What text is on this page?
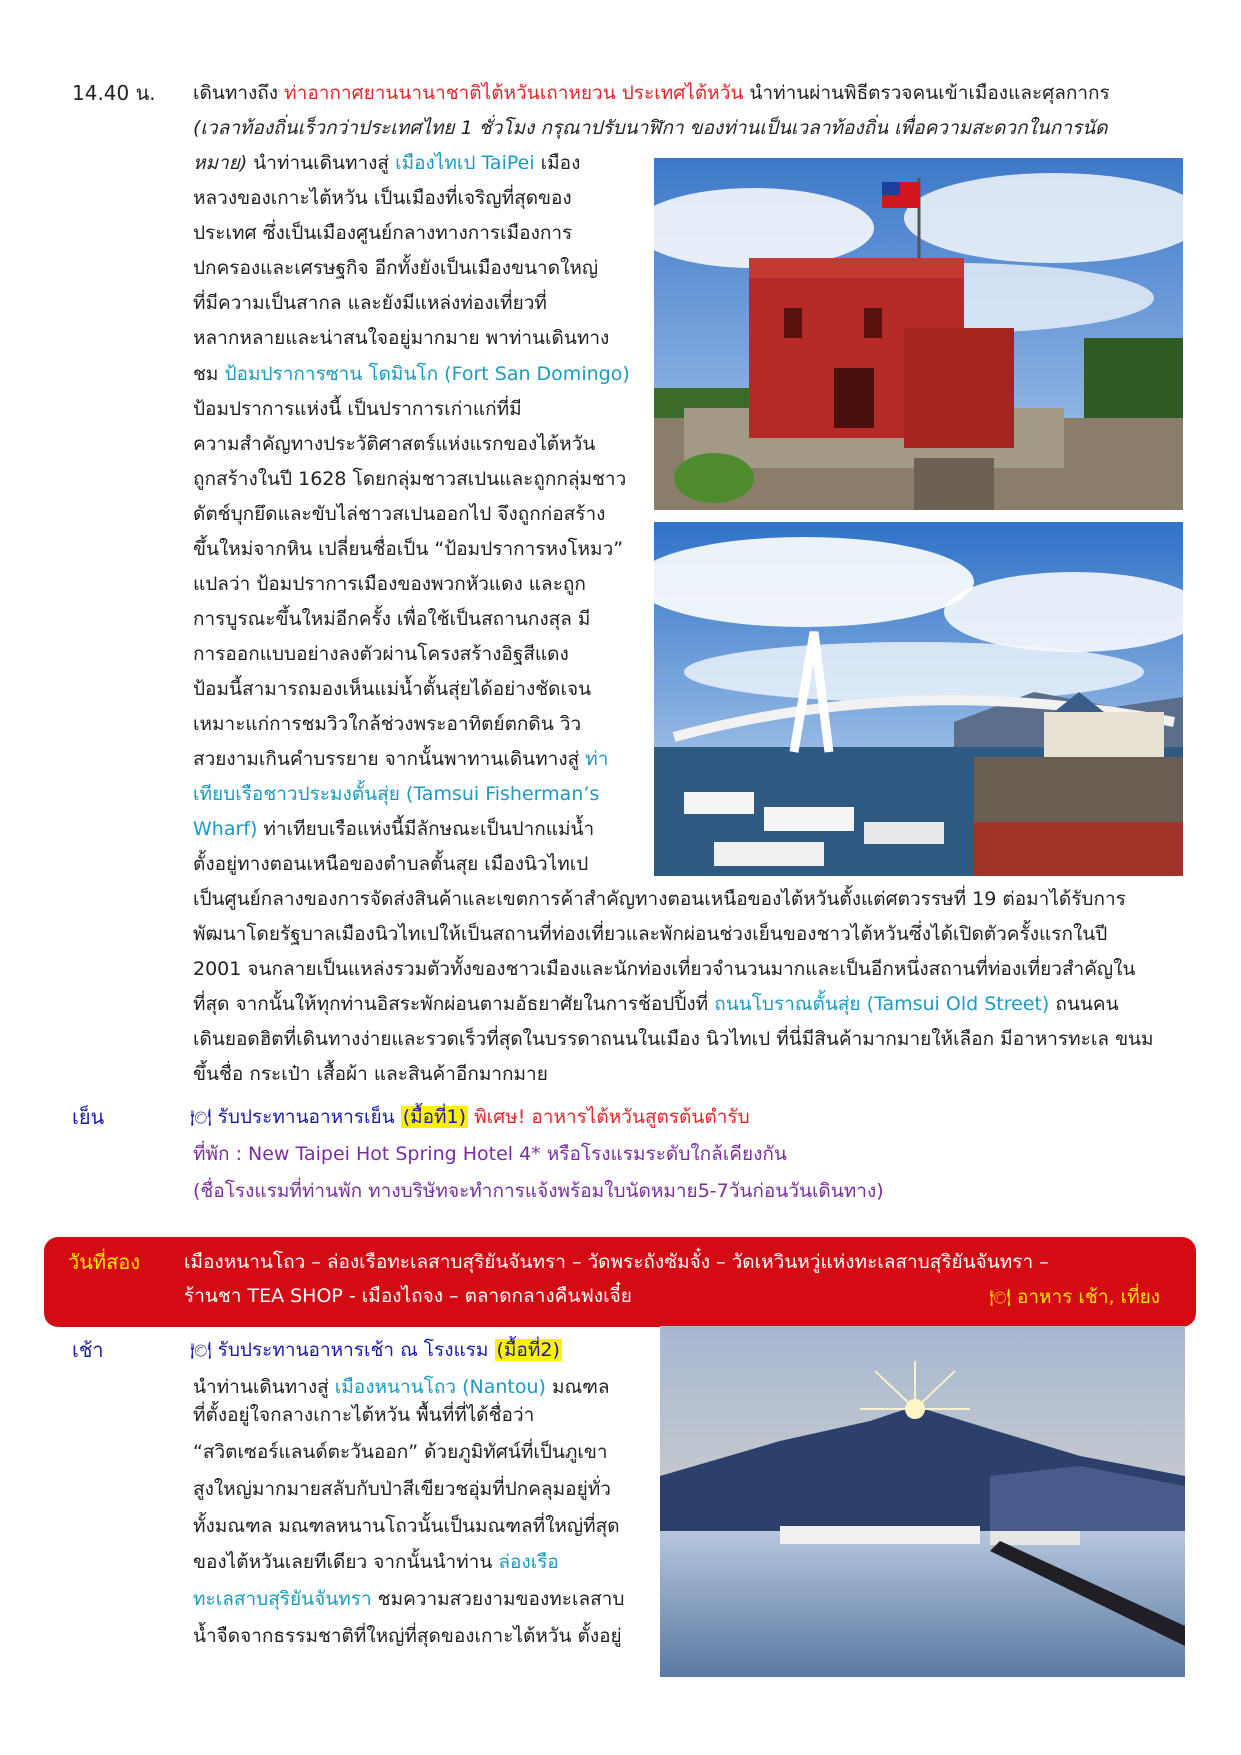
14.40 น. เดินทางถึง ท่าอากาศยานนานาชาติไต้หวันเถาหยวน ประเทศไต้หวัน นำท่านผ่านพิธีตรวจคนเข้าเมืองและศุลกากร
(เวลาท้องถิ่นเร็วกว่าประเทศไทย 1 ชั่วโมง กรุณาปรับนาฬิกา ของท่านเป็นเวลาท้องถิ่น เพื่อความสะดวกในการนัด
หมาย) นำท่านเดินทางสู่ เมืองไทเป TaiPei เมือง
หลวงของเกาะไต้หวัน เป็นเมืองที่เจริญที่สุดของ
ประเทศ ซึ่งเป็นเมืองศูนย์กลางทางการเมืองการ
ปกครองและเศรษฐกิจ อีกทั้งยังเป็นเมืองขนาดใหญ่
ที่มีความเป็นสากล และยังมีแหล่งท่องเที่ยวที่
หลากหลายและน่าสนใจอยู่มากมาย พาท่านเดินทาง
ชม ป้อมปราการซาน โดมินโก (Fort San Domingo)
ป้อมปราการแห่งนี้ เป็นปราการเก่าแก่ที่มี
ความสำคัญทางประวัติศาสตร์แห่งแรกของไต้หวัน
ถูกสร้างในปี 1628 โดยกลุ่มชาวสเปนและถูกกลุ่มชาว
ดัตช์บุกยึดและขับไล่ชาวสเปนออกไป จึงถูกก่อสร้าง
ขึ้นใหม่จากหิน เปลี่ยนชื่อเป็น “ป้อมปราการหงโหมว”
แปลว่า ป้อมปราการเมืองของพวกหัวแดง และถูก
การบูรณะขึ้นใหม่อีกครั้ง เพื่อใช้เป็นสถานกงสุล มี
การออกแบบอย่างลงตัวผ่านโครงสร้างอิฐสีแดง
ป้อมนี้สามารถมองเห็นแม่น้ำตั้นสุ่ยได้อย่างชัดเจน
เหมาะแก่การชมวิวใกล้ช่วงพระอาทิตย์ตกดิน วิว
สวยงามเกินคำบรรยาย จากนั้นพาทานเดินทางสู่ ท่า
เทียบเรือชาวประมงตั้นสุ่ย (Tamsui Fisherman’s
Wharf) ท่าเทียบเรือแห่งนี้มีลักษณะเป็นปากแม่น้ำ
ตั้งอยู่ทางตอนเหนือของตำบลตั้นสุย เมืองนิวไทเป
เป็นศูนย์กลางของการจัดส่งสินค้าและเขตการค้าสำคัญทางตอนเหนือของไต้หวันตั้งแต่ศตวรรษที่ 19 ต่อมาได้รับการ
พัฒนาโดยรัฐบาลเมืองนิวไทเปให้เป็นสถานที่ท่องเที่ยวและพักผ่อนช่วงเย็นของชาวไต้หวันซึ่งได้เปิดตัวครั้งแรกในปี
2001 จนกลายเป็นแหล่งรวมตัวทั้งของชาวเมืองและนักท่องเที่ยวจำนวนมากและเป็นอีกหนึ่งสถานที่ท่องเที่ยวสำคัญใน
ที่สุด จากนั้นให้ทุกท่านอิสระพักผ่อนตามอัธยาศัยในการช้อปปิ้งที่ ถนนโบราณตั้นสุ่ย (Tamsui Old Street) ถนนคน
เดินยอดฮิตที่เดินทางง่ายและรวดเร็วที่สุดในบรรดาถนนในเมือง นิวไทเป ที่นี่มีสินค้ามากมายให้เลือก มีอาหารทะเล ขนม
ขึ้นชื่อ กระเป๋า เสื้อผ้า และสินค้าอีกมากมาย
เย็น	🍽 รับประทานอาหารเย็น (มื้อที่1) พิเศษ! อาหารไต้หวันสูตรต้นตำรับ
ที่พัก : New Taipei Hot Spring Hotel 4* หรือโรงแรมระดับใกล้เคียงกัน
(ชื่อโรงแรมที่ท่านพัก ทางบริษัทจะทำการแจ้งพร้อมใบนัดหมาย5-7วันก่อนวันเดินทาง)
วันที่สอง เมืองหนานโถว – ล่องเรือทะเลสาบสุริยันจันทรา – วัดพระถังซัมจั๋ง – วัดเหวินหวู่แห่งทะเลสาบสุริยันจันทรา –
ร้านชา TEA SHOP - เมืองไถจง – ตลาดกลางคืนฟงเจี๋ย	🍽 อาหาร เช้า, เที่ยง
เช้า	🍽 รับประทานอาหารเช้า ณ โรงแรม (มื้อที่2)
นำท่านเดินทางสู่ เมืองหนานโถว (Nantou) มณฑล
ที่ตั้งอยู่ใจกลางเกาะไต้หวัน พื้นที่ที่ได้ชื่อว่า
“สวิตเซอร์แลนด์ตะวันออก” ด้วยภูมิทัศน์ที่เป็นภูเขา
สูงใหญ่มากมายสลับกับป่าสีเขียวชอุ่มที่ปกคลุมอยู่ทั่ว
ทั้งมณฑล มณฑลหนานโถวนั้นเป็นมณฑลที่ใหญ่ที่สุด
ของไต้หวันเลยทีเดียว จากนั้นนำท่าน ล่องเรือ
ทะเลสาบสุริยันจันทรา ชมความสวยงามของทะเลสาบ
น้ำจืดจากธรรมชาติที่ใหญ่ที่สุดของเกาะไต้หวัน ตั้งอยู่
